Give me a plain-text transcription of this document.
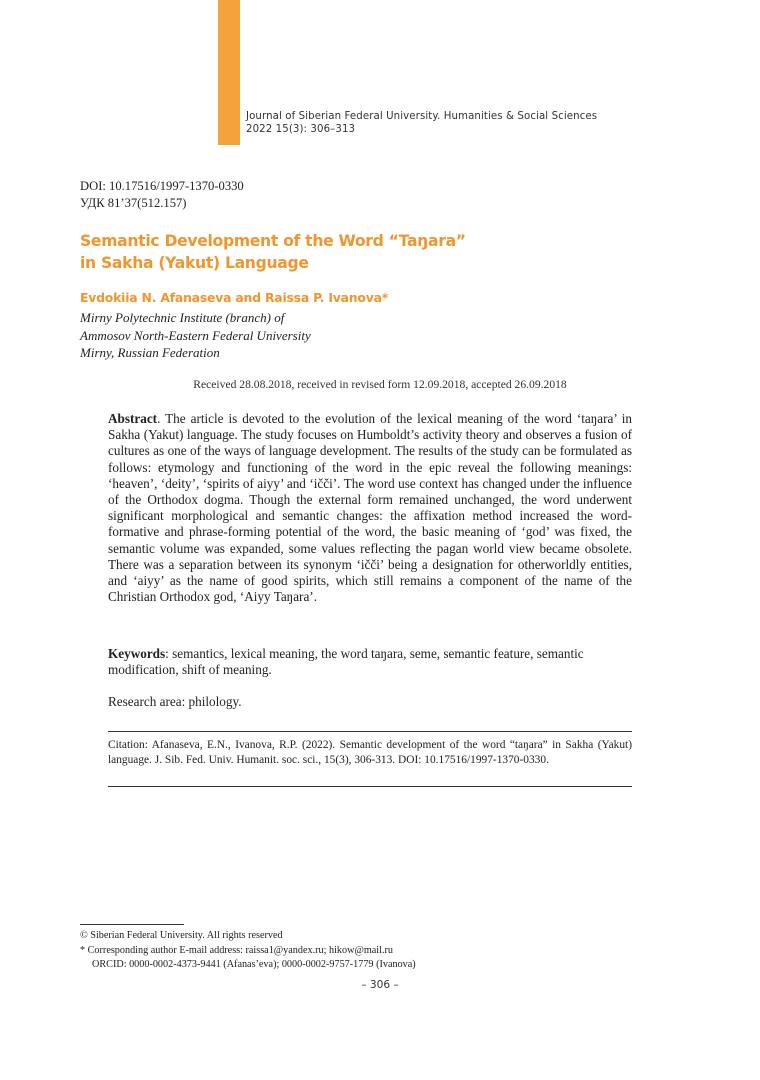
Journal of Siberian Federal University. Humanities & Social Sciences
2022 15(3): 306–313
DOI: 10.17516/1997-1370-0330
УДК 81’37(512.157)
Semantic Development of the Word “Taŋara”
in Sakha (Yakut) Language
Evdokiia N. Afanaseva and Raissa P. Ivanova*
Mirny Polytechnic Institute (branch) of
Ammosov North-Eastern Federal University
Mirny, Russian Federation
Received 28.08.2018, received in revised form 12.09.2018, accepted 26.09.2018

Abstract. The article is devoted to the evolution of the lexical meaning of the word ‘taŋara’ in Sakha (Yakut) language. The study focuses on Humboldt’s activity theory and observes a fusion of cultures as one of the ways of language development. The results of the study can be formulated as follows: etymology and functioning of the word in the epic reveal the following meanings: ‘heaven’, ‘deity’, ‘spirits of aiyy’ and ‘ičči’. The word use context has changed under the influence of the Orthodox dogma. Though the external form remained unchanged, the word underwent significant morphological and semantic changes: the affixation method increased the word-formative and phrase-forming potential of the word, the basic meaning of ‘god’ was fixed, the semantic volume was expanded, some values reflecting the pagan world view became obsolete. There was a separation between its synonym ‘ičči’ being a designation for otherworldly entities, and ‘aiyy’ as the name of good spirits, which still remains a component of the name of the Christian Orthodox god, ‘Aiyy Taŋara’.

Keywords: semantics, lexical meaning, the word taŋara, seme, semantic feature, semantic modification, shift of meaning.

Research area: philology.
Citation: Afanaseva, E.N., Ivanova, R.P. (2022). Semantic development of the word “taŋara” in Sakha (Yakut) language. J. Sib. Fed. Univ. Humanit. soc. sci., 15(3), 306-313. DOI: 10.17516/1997-1370-0330.
© Siberian Federal University. All rights reserved
* Corresponding author E-mail address: raissa1@yandex.ru; hikow@mail.ru
ORCID: 0000-0002-4373-9441 (Afanas’eva); 0000-0002-9757-1779 (Ivanova)
– 306 –
